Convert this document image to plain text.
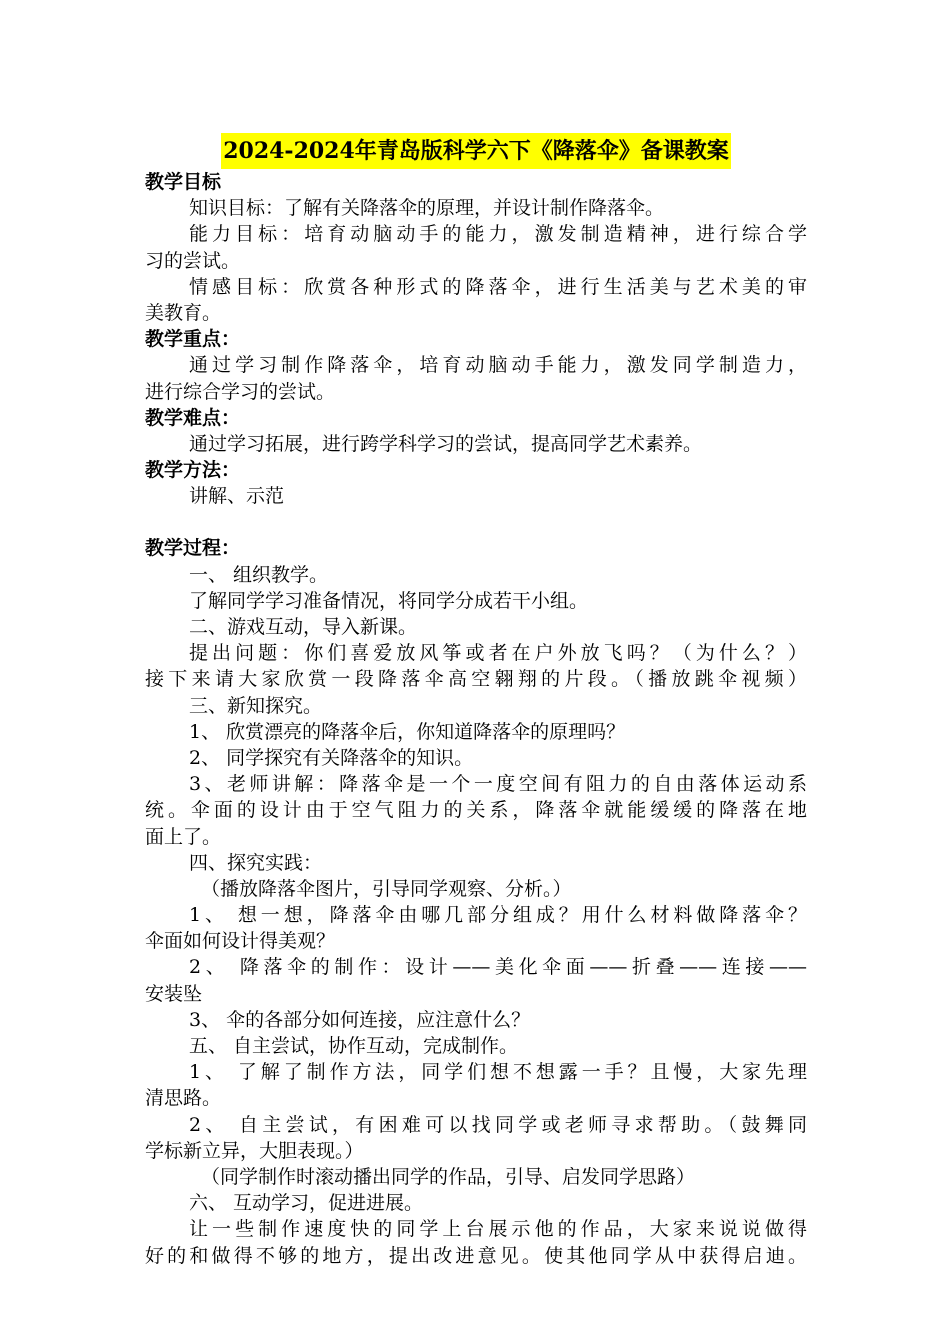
2024-2024年青岛版科学六下《降落伞》备课教案
教学目标
知识目标：了解有关降落伞的原理，并设计制作降落伞。
能力目标：培育动脑动手的能力，激发制造精神，进行综合学
习的尝试。
情感目标：欣赏各种形式的降落伞，进行生活美与艺术美的审
美教育。
教学重点：
通过学习制作降落伞，培育动脑动手能力，激发同学制造力，
进行综合学习的尝试。
教学难点：
通过学习拓展，进行跨学科学习的尝试，提高同学艺术素养。
教学方法：
讲解、示范
教学过程：
一、 组织教学。
了解同学学习准备情况，将同学分成若干小组。
二、游戏互动，导入新课。
提出问题：你们喜爱放风筝或者在户外放飞吗？（为什么？）
接下来请大家欣赏一段降落伞高空翱翔的片段。（播放跳伞视频）
三、新知探究。
1、 欣赏漂亮的降落伞后，你知道降落伞的原理吗？
2、 同学探究有关降落伞的知识。
3、老师讲解：降落伞是一个一度空间有阻力的自由落体运动系
统。伞面的设计由于空气阻力的关系，降落伞就能缓缓的降落在地
面上了。
四、探究实践：
（播放降落伞图片，引导同学观察、分析。）
1、 想一想，降落伞由哪几部分组成？用什么材料做降落伞？
伞面如何设计得美观？
2、 降落伞的制作：设计——美化伞面——折叠——连接——
安装坠
3、 伞的各部分如何连接，应注意什么？
五、 自主尝试，协作互动，完成制作。
1、 了解了制作方法，同学们想不想露一手？且慢，大家先理
清思路。
2、 自主尝试，有困难可以找同学或老师寻求帮助。（鼓舞同
学标新立异，大胆表现。）
（同学制作时滚动播出同学的作品，引导、启发同学思路）
六、 互动学习，促进进展。
让一些制作速度快的同学上台展示他的作品，大家来说说做得
好的和做得不够的地方，提出改进意见。使其他同学从中获得启迪。
